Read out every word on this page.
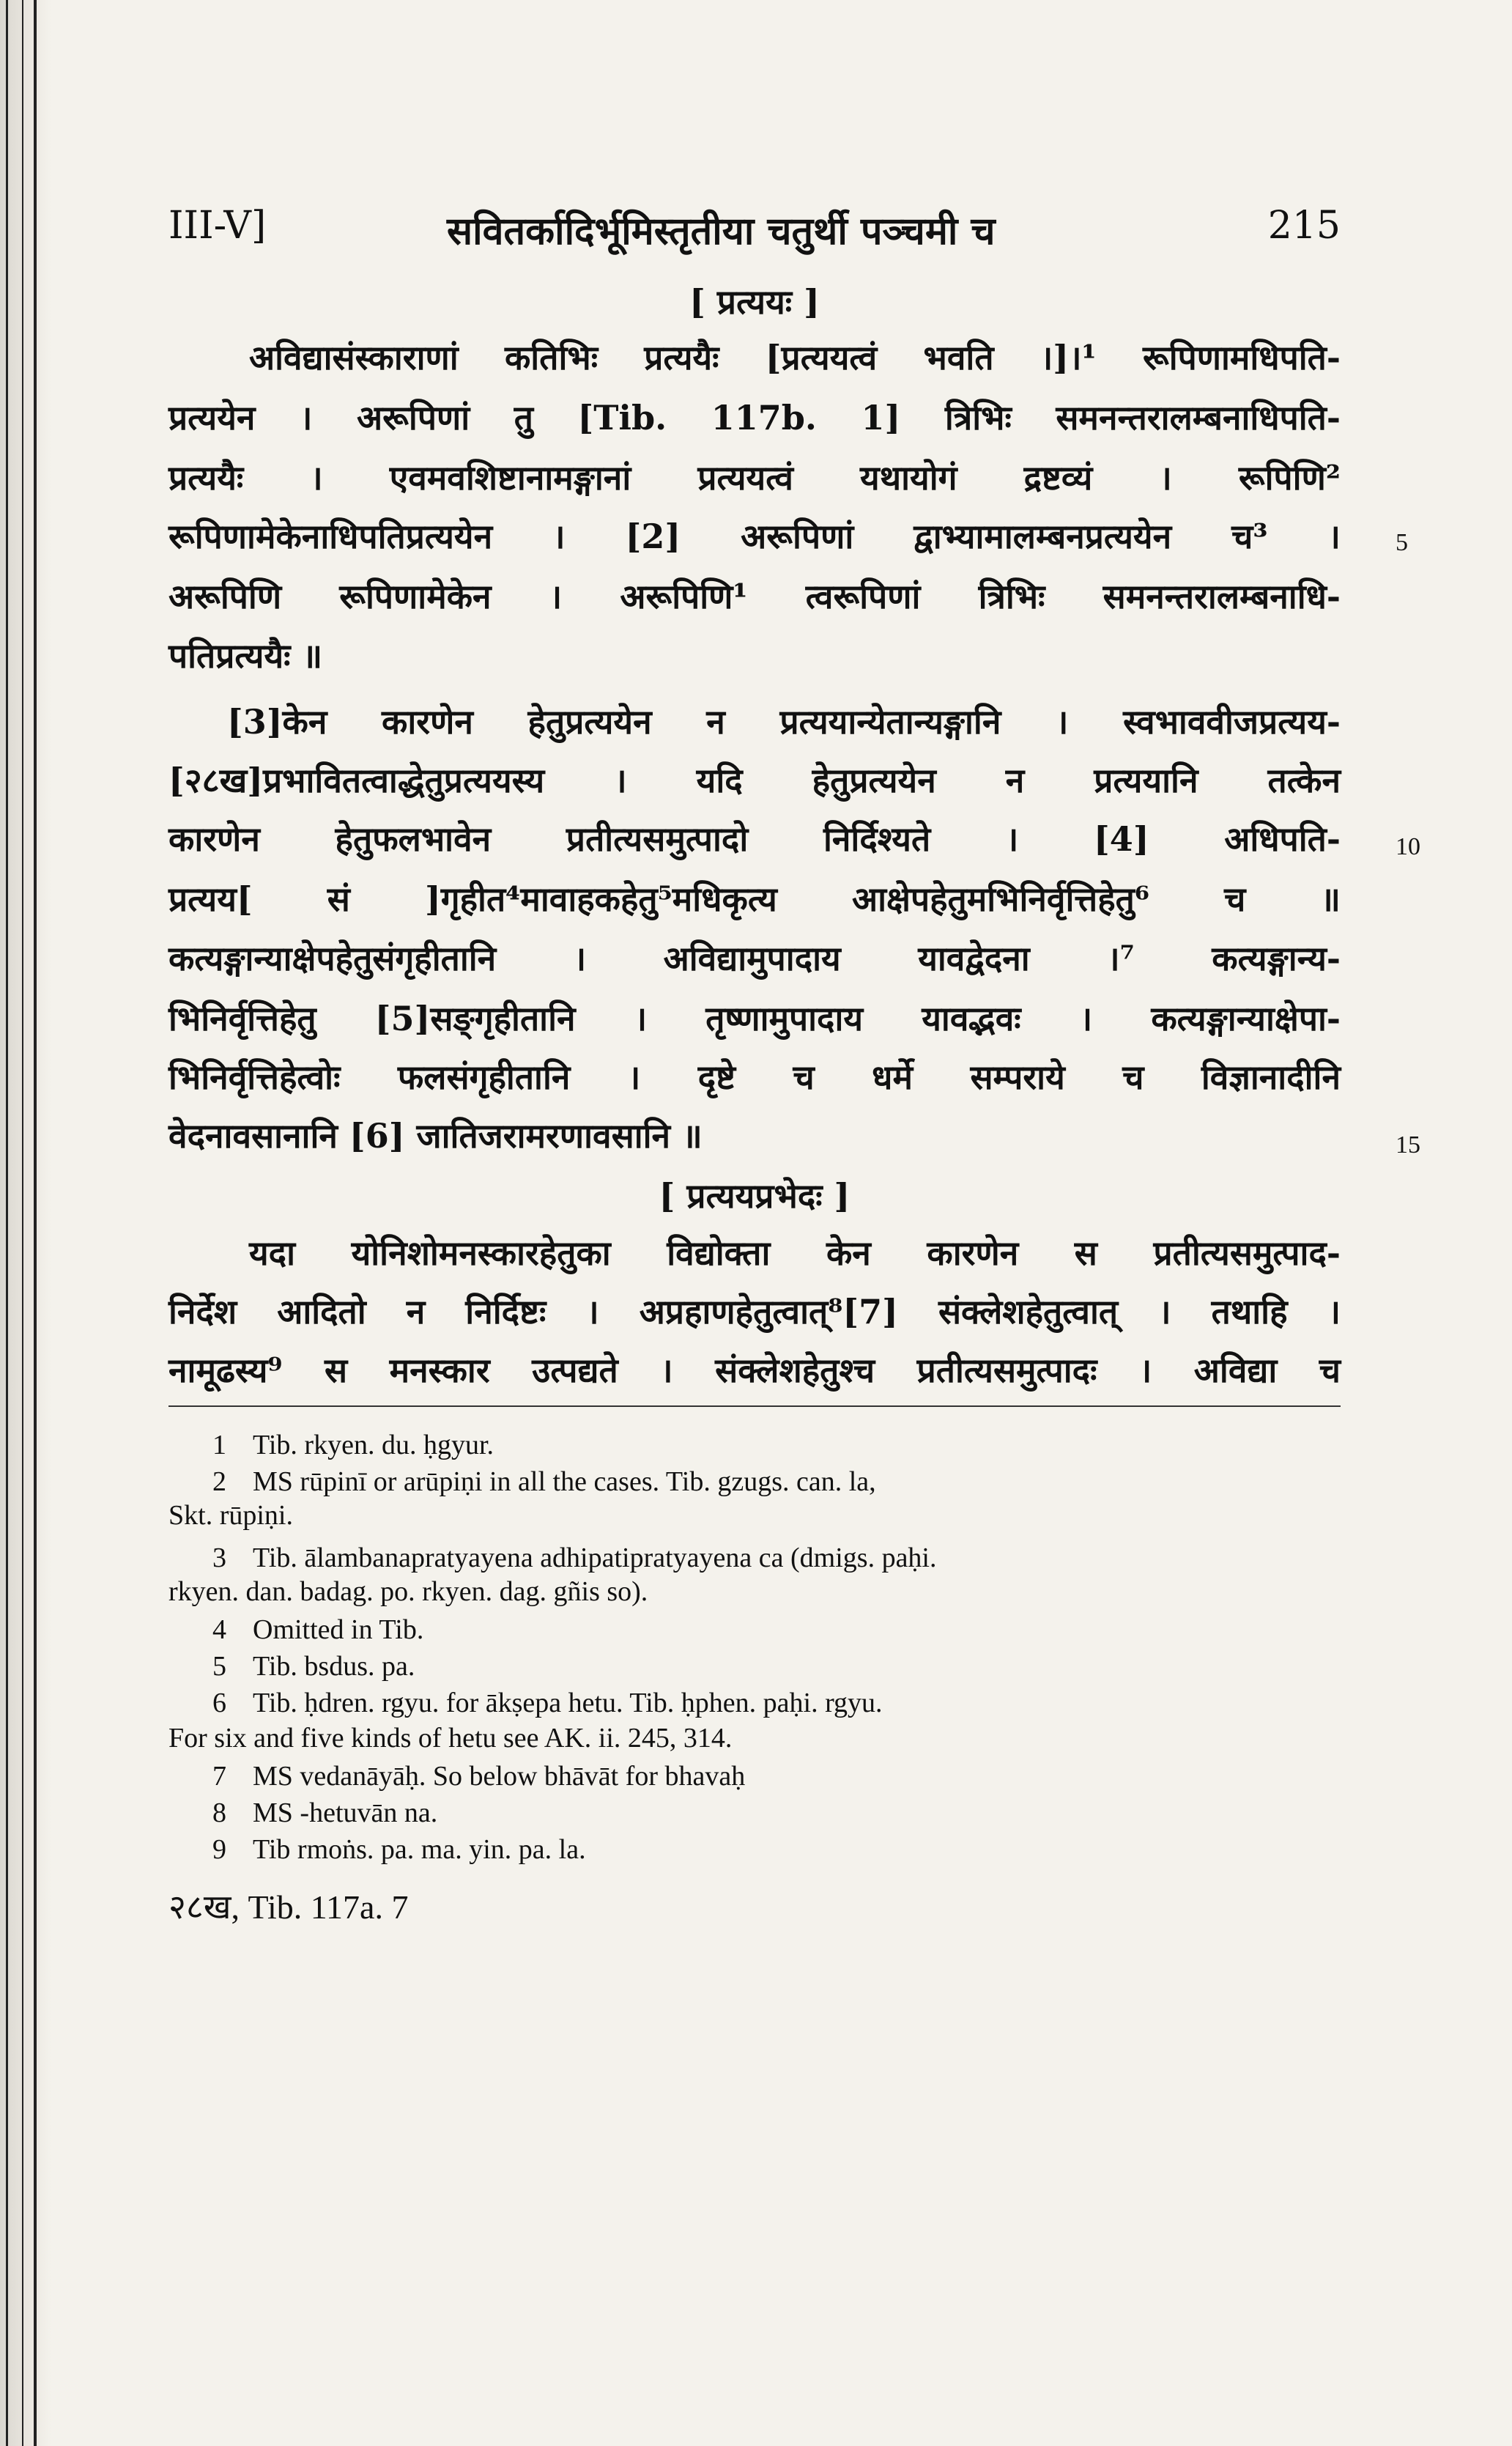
III-V]	सवितर्कादिर्भूमिस्तृतीया चतुर्थी पञ्चमी च	215
[ प्रत्ययः ]
अविद्यासंस्काराणां कतिभिः प्रत्ययैः [प्रत्ययत्वं भवति ।]।¹ रूपिणामधिपति-
प्रत्ययेन । अरूपिणां तु [Tib. 117b. 1] त्रिभिः समनन्तरालम्बनाधिपति-
प्रत्ययैः । एवमवशिष्टानामङ्गानां प्रत्ययत्वं यथायोगं द्रष्टव्यं । रूपिणि²
रूपिणामेकेनाधिपतिप्रत्ययेन । [2] अरूपिणां द्वाभ्यामालम्बनप्रत्ययेन च³ ।
अरूपिणि रूपिणामेकेन । अरूपिणि¹ त्वरूपिणां त्रिभिः समनन्तरालम्बनाधि-
पतिप्रत्ययैः ॥
[3]केन कारणेन हेतुप्रत्ययेन न प्रत्ययान्येतान्यङ्गानि । स्वभाववीजप्रत्यय-
[२८ख]प्रभावितत्वाद्धेतुप्रत्ययस्य । यदि हेतुप्रत्ययेन न प्रत्ययानि तत्केन
कारणेन हेतुफलभावेन प्रतीत्यसमुत्पादो निर्दिश्यते । [4] अधिपति-
प्रत्यय[ सं ]गृहीत⁴मावाहकहेतु⁵मधिकृत्य आक्षेपहेतुमभिनिर्वृत्तिहेतु⁶ च ॥
कत्यङ्गान्याक्षेपहेतुसंगृहीतानि । अविद्यामुपादाय यावद्वेदना ।⁷ कत्यङ्गान्य-
भिनिर्वृत्तिहेतु [5]सङ्गृहीतानि । तृष्णामुपादाय यावद्भवः । कत्यङ्गान्याक्षेपा-
भिनिर्वृत्तिहेत्वोः फलसंगृहीतानि । दृष्टे च धर्मे सम्पराये च विज्ञानादीनि
वेदनावसानानि [6] जातिजरामरणावसानि ॥
[ प्रत्ययप्रभेदः ]
यदा योनिशोमनस्कारहेतुका विद्योक्ता केन कारणेन स प्रतीत्यसमुत्पाद-
निर्देश आदितो न निर्दिष्टः । अप्रहाणहेतुत्वात्⁸[7] संक्लेशहेतुत्वात् । तथाहि ।
नामूढस्य⁹ स मनस्कार उत्पद्यते । संक्लेशहेतुश्च प्रतीत्यसमुत्पादः । अविद्या च
5
10
15
1 Tib. rkyen. du. ḥgyur.
2 MS rūpinī or arūpiṇi in all the cases. Tib. gzugs. can. la,
Skt. rūpiṇi.
3 Tib. ālambanapratyayena adhipatipratyayena ca (dmigs. paḥi.
rkyen. dan. badag. po. rkyen. dag. gñis so).
4 Omitted in Tib.
5 Tib. bsdus. pa.
6 Tib. ḥdren. rgyu. for ākṣepa hetu. Tib. ḥphen. paḥi. rgyu.
For six and five kinds of hetu see AK. ii. 245, 314.
7 MS vedanāyāḥ. So below bhāvāt for bhavaḥ
8 MS -hetuvān na.
9 Tib rmoṅs. pa. ma. yin. pa. la.
२८ख, Tib. 117a. 7
